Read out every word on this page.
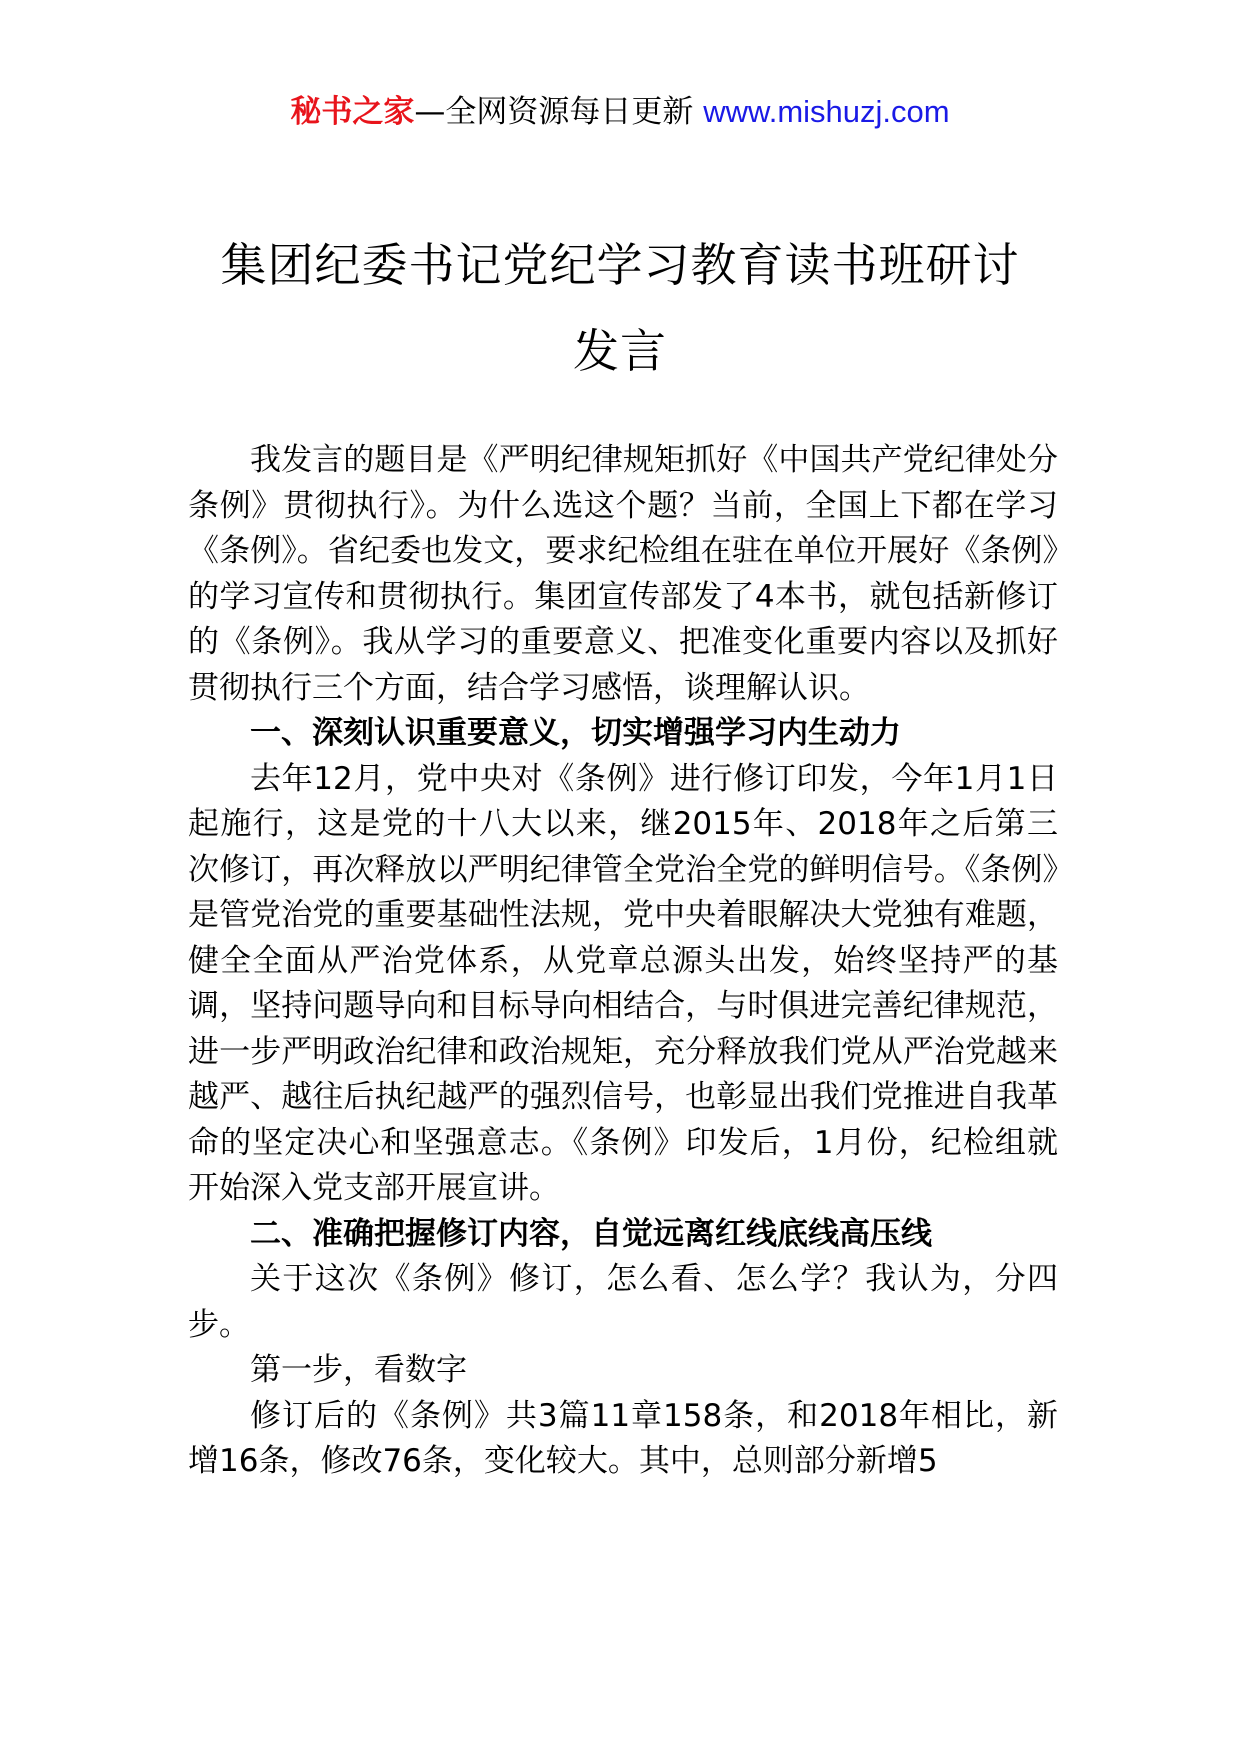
秘书之家—全网资源每日更新 www.mishuzj.com
集团纪委书记党纪学习教育读书班研讨
发言

我发言的题目是《严明纪律规矩抓好《中国共产党纪律处分条例》贯彻执行》。为什么选这个题？当前，全国上下都在学习《条例》。省纪委也发文，要求纪检组在驻在单位开展好《条例》的学习宣传和贯彻执行。集团宣传部发了4本书，就包括新修订的《条例》。我从学习的重要意义、把准变化重要内容以及抓好贯彻执行三个方面，结合学习感悟，谈理解认识。

一、深刻认识重要意义，切实增强学习内生动力

去年12月，党中央对《条例》进行修订印发，今年1月1日起施行，这是党的十八大以来，继2015年、2018年之后第三次修订，再次释放以严明纪律管全党治全党的鲜明信号。《条例》是管党治党的重要基础性法规，党中央着眼解决大党独有难题，健全全面从严治党体系，从党章总源头出发，始终坚持严的基调，坚持问题导向和目标导向相结合，与时俱进完善纪律规范，进一步严明政治纪律和政治规矩，充分释放我们党从严治党越来越严、越往后执纪越严的强烈信号，也彰显出我们党推进自我革命的坚定决心和坚强意志。《条例》印发后，1月份，纪检组就开始深入党支部开展宣讲。

二、准确把握修订内容，自觉远离红线底线高压线

关于这次《条例》修订，怎么看、怎么学？我认为，分四步。

第一步，看数字

修订后的《条例》共3篇11章158条，和2018年相比，新增16条，修改76条，变化较大。其中，总则部分新增5
